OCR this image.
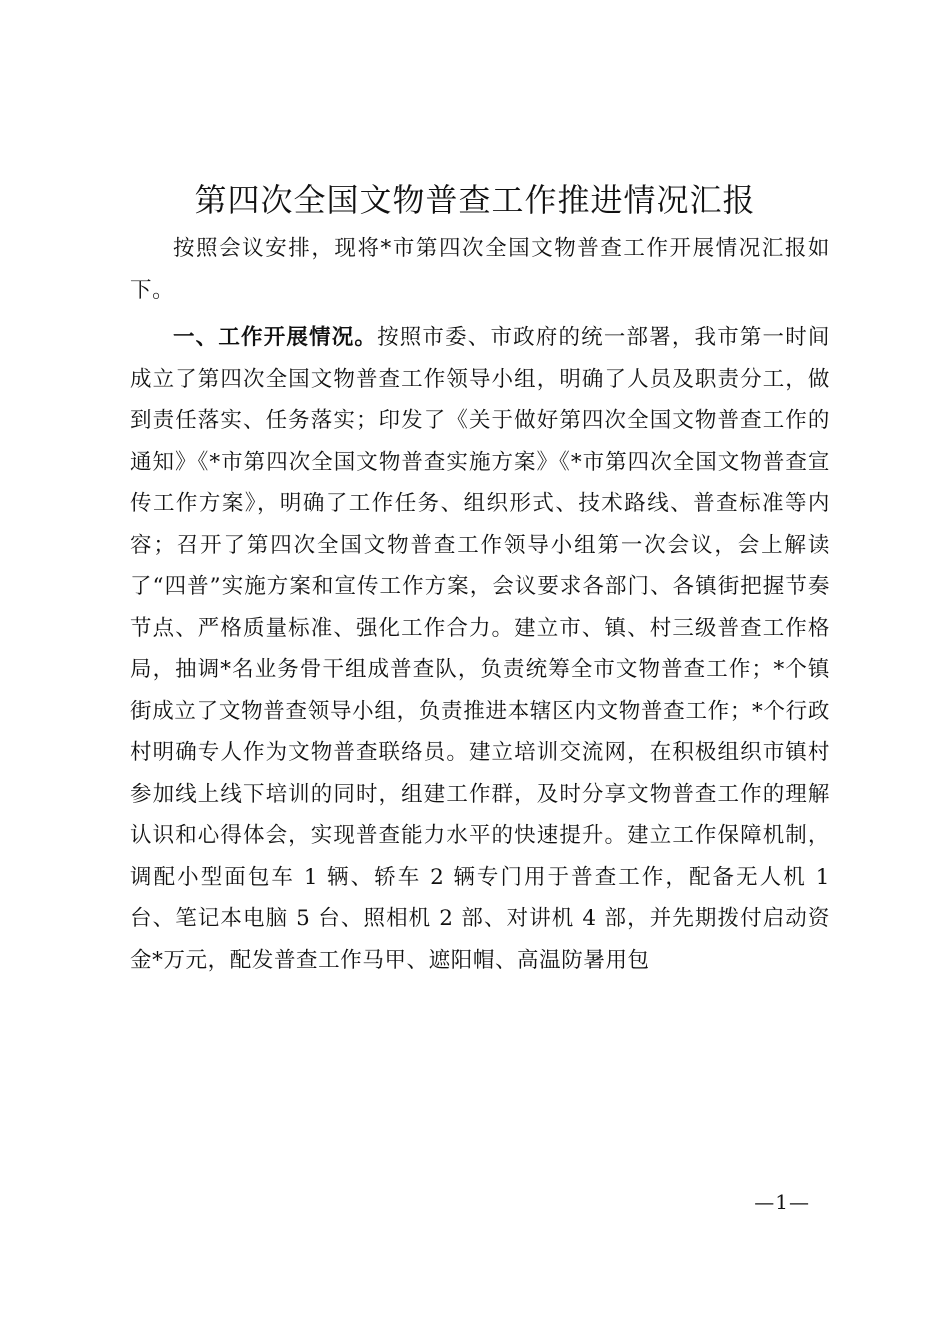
第四次全国文物普查工作推进情况汇报

按照会议安排，现将*市第四次全国文物普查工作开展情况汇报如下。

一、工作开展情况。按照市委、市政府的统一部署，我市第一时间成立了第四次全国文物普查工作领导小组，明确了人员及职责分工，做到责任落实、任务落实；印发了《关于做好第四次全国文物普查工作的通知》《*市第四次全国文物普查实施方案》《*市第四次全国文物普查宣传工作方案》，明确了工作任务、组织形式、技术路线、普查标准等内容；召开了第四次全国文物普查工作领导小组第一次会议，会上解读了“四普”实施方案和宣传工作方案，会议要求各部门、各镇街把握节奏节点、严格质量标准、强化工作合力。建立市、镇、村三级普查工作格局，抽调*名业务骨干组成普查队，负责统筹全市文物普查工作；*个镇街成立了文物普查领导小组，负责推进本辖区内文物普查工作；*个行政村明确专人作为文物普查联络员。建立培训交流网，在积极组织市镇村参加线上线下培训的同时，组建工作群，及时分享文物普查工作的理解认识和心得体会，实现普查能力水平的快速提升。建立工作保障机制，调配小型面包车 1 辆、轿车 2 辆专门用于普查工作，配备无人机 1 台、笔记本电脑 5 台、照相机 2 部、对讲机 4 部，并先期拨付启动资金*万元，配发普查工作马甲、遮阳帽、高温防暑用包

—1—
